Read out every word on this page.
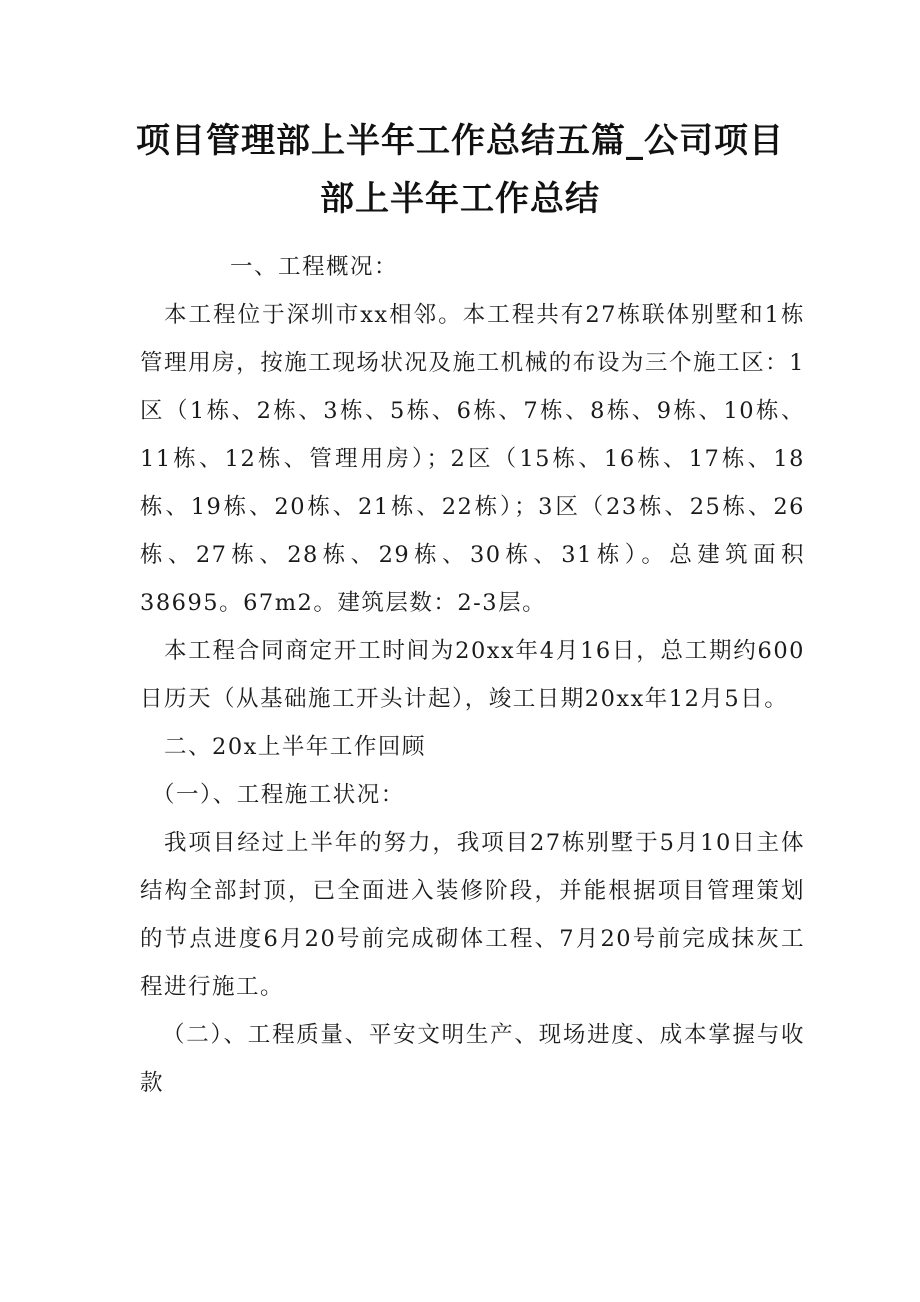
项目管理部上半年工作总结五篇_公司项目部上半年工作总结

一、工程概况：

本工程位于深圳市xx相邻。本工程共有27栋联体别墅和1栋管理用房，按施工现场状况及施工机械的布设为三个施工区：1区（1栋、2栋、3栋、5栋、6栋、7栋、8栋、9栋、10栋、11栋、12栋、管理用房）；2区（15栋、16栋、17栋、18栋、19栋、20栋、21栋、22栋）；3区（23栋、25栋、26栋、27栋、28栋、29栋、30栋、31栋）。总建筑面积38695。67m2。建筑层数：2-3层。

本工程合同商定开工时间为20xx年4月16日，总工期约600日历天（从基础施工开头计起），竣工日期20xx年12月5日。

二、20x上半年工作回顾

（一）、工程施工状况：

我项目经过上半年的努力，我项目27栋别墅于5月10日主体结构全部封顶，已全面进入装修阶段，并能根据项目管理策划的节点进度6月20号前完成砌体工程、7月20号前完成抹灰工程进行施工。

（二）、工程质量、平安文明生产、现场进度、成本掌握与收款
